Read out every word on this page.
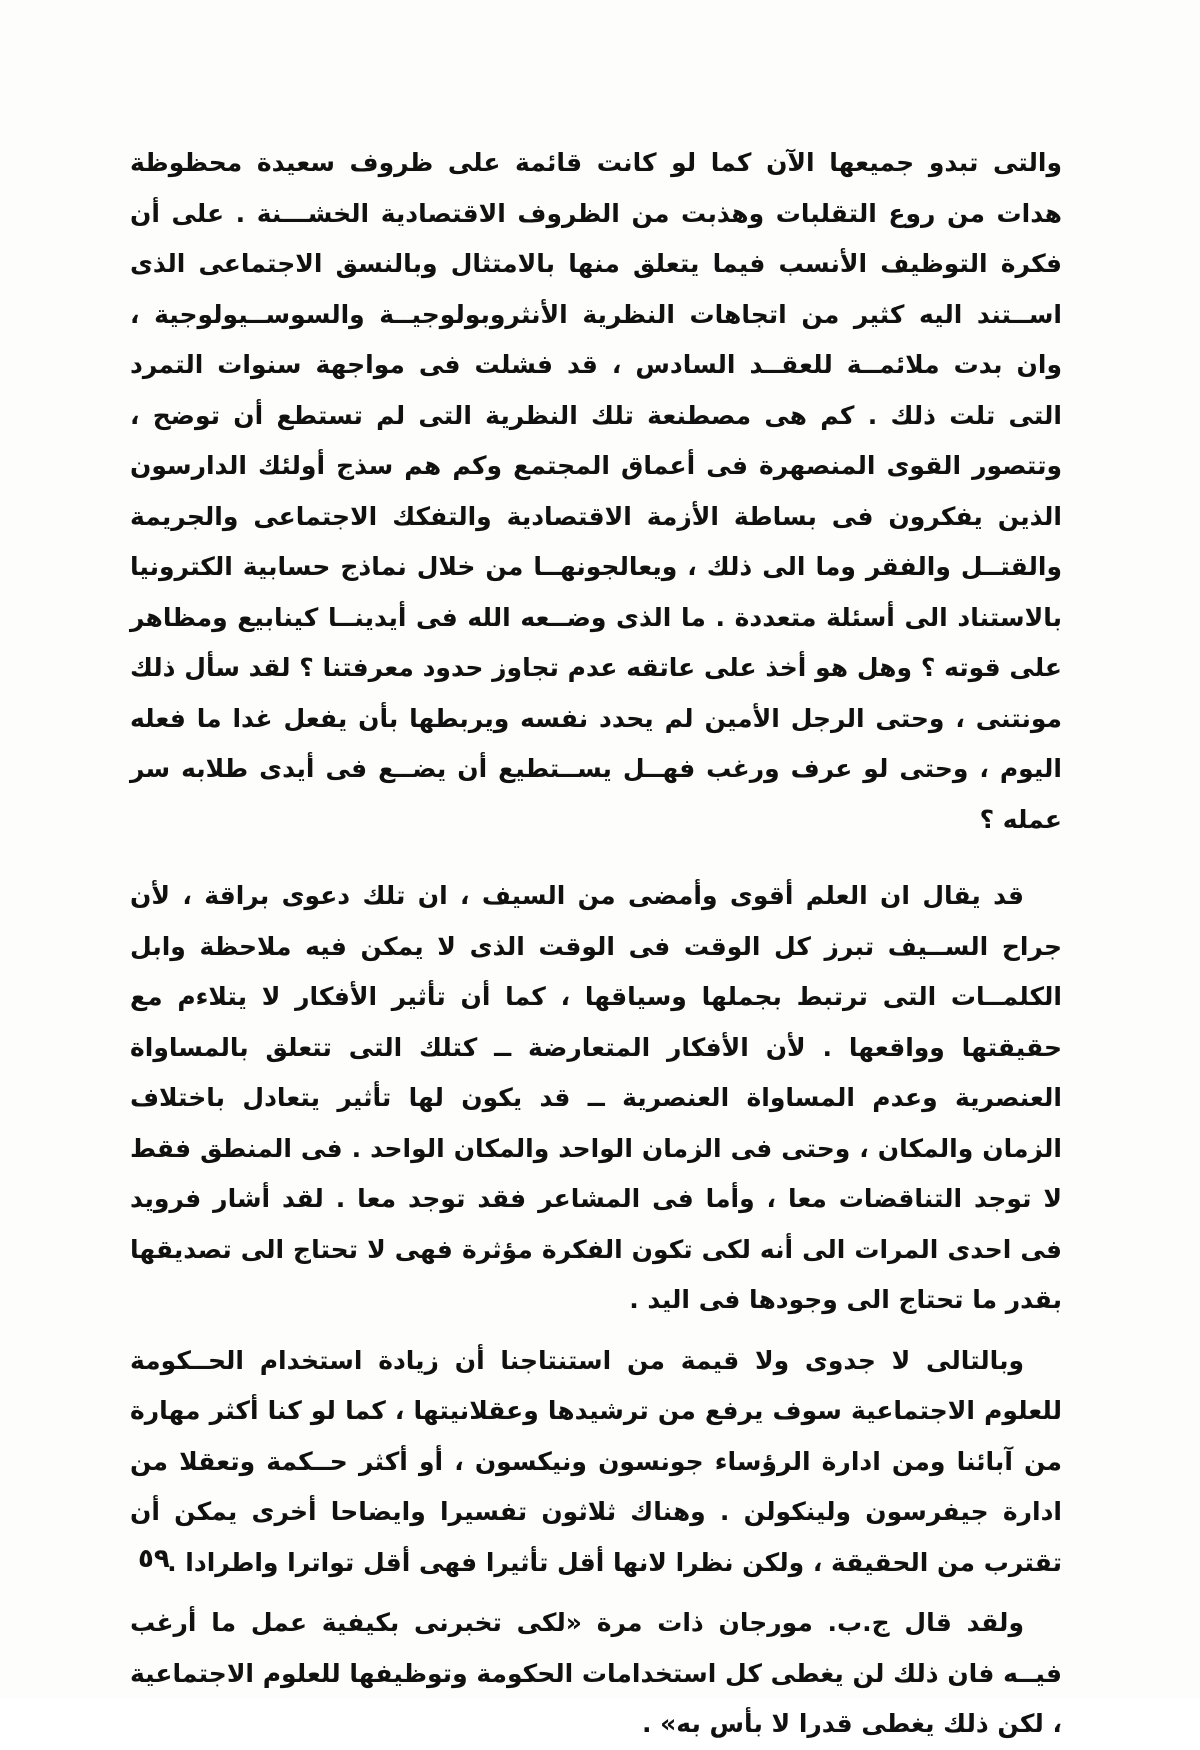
والتى تبدو جميعها الآن كما لو كانت قائمة على ظروف سعيدة محظوظة هدات من روع التقلبات وهذبت من الظروف الاقتصادية الخشـــنة . على أن فكرة التوظيف الأنسب فيما يتعلق منها بالامتثال وبالنسق الاجتماعى الذى اســتند اليه كثير من اتجاهات النظرية الأنثروبولوجيــة والسوســيولوجية ، وان بدت ملائمــة للعقــد السادس ، قد فشلت فى مواجهة سنوات التمرد التى تلت ذلك . كم هى مصطنعة تلك النظرية التى لم تستطع أن توضح ، وتتصور القوى المنصهرة فى أعماق المجتمع وكم هم سذج أولئك الدارسون الذين يفكرون فى بساطة الأزمة الاقتصادية والتفكك الاجتماعى والجريمة والقتــل والفقر وما الى ذلك ، ويعالجونهــا من خلال نماذج حسابية الكترونيا بالاستناد الى أسئلة متعددة . ما الذى وضــعه الله فى أيدينــا كينابيع ومظاهر على قوته ؟ وهل هو أخذ على عاتقه عدم تجاوز حدود معرفتنا ؟ لقد سأل ذلك مونتنى ، وحتى الرجل الأمين لم يحدد نفسه ويربطها بأن يفعل غدا ما فعله اليوم ، وحتى لو عرف ورغب فهــل يســتطيع أن يضــع فى أيدى طلابه سر عمله ؟

قد يقال ان العلم أقوى وأمضى من السيف ، ان تلك دعوى براقة ، لأن جراح الســيف تبرز كل الوقت فى الوقت الذى لا يمكن فيه ملاحظة وابل الكلمــات التى ترتبط بجملها وسياقها ، كما أن تأثير الأفكار لا يتلاءم مع حقيقتها وواقعها . لأن الأفكار المتعارضة ــ كتلك التى تتعلق بالمساواة العنصرية وعدم المساواة العنصرية ــ قد يكون لها تأثير يتعادل باختلاف الزمان والمكان ، وحتى فى الزمان الواحد والمكان الواحد . فى المنطق فقط لا توجد التناقضات معا ، وأما فى المشاعر فقد توجد معا . لقد أشار فرويد فى احدى المرات الى أنه لكى تكون الفكرة مؤثرة فهى لا تحتاج الى تصديقها بقدر ما تحتاج الى وجودها فى اليد .

وبالتالى لا جدوى ولا قيمة من استنتاجنا أن زيادة استخدام الحــكومة للعلوم الاجتماعية سوف يرفع من ترشيدها وعقلانيتها ، كما لو كنا أكثر مهارة من آبائنا ومن ادارة الرؤساء جونسون ونيكسون ، أو أكثر حــكمة وتعقلا من ادارة جيفرسون ولينكولن . وهناك ثلاثون تفسيرا وايضاحا أخرى يمكن أن تقترب من الحقيقة ، ولكن نظرا لانها أقل تأثيرا فهى أقل تواترا واطرادا .

ولقد قال ج.ب. مورجان ذات مرة «لكى تخبرنى بكيفية عمل ما أرغب فيــه فان ذلك لن يغطى كل استخدامات الحكومة وتوظيفها للعلوم الاجتماعية ، لكن ذلك يغطى قدرا لا بأس به» .

٥٩
